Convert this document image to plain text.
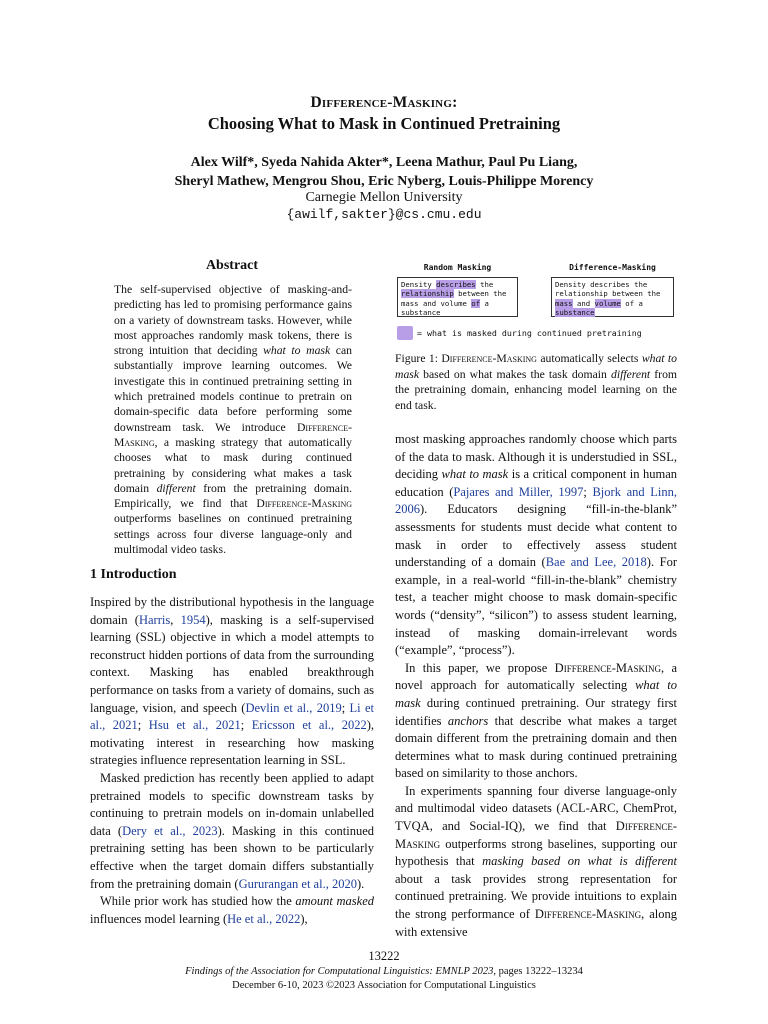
Difference-Masking:
Choosing What to Mask in Continued Pretraining
Alex Wilf*, Syeda Nahida Akter*, Leena Mathur, Paul Pu Liang,
Sheryl Mathew, Mengrou Shou, Eric Nyberg, Louis-Philippe Morency
Carnegie Mellon University
{awilf,sakter}@cs.cmu.edu
Abstract
The self-supervised objective of masking-and-predicting has led to promising performance gains on a variety of downstream tasks. However, while most approaches randomly mask tokens, there is strong intuition that deciding what to mask can substantially improve learning outcomes. We investigate this in continued pretraining setting in which pretrained models continue to pretrain on domain-specific data before performing some downstream task. We introduce Difference-Masking, a masking strategy that automatically chooses what to mask during continued pretraining by considering what makes a task domain different from the pretraining domain. Empirically, we find that Difference-Masking outperforms baselines on continued pretraining settings across four diverse language-only and multimodal video tasks.
Random Masking	Difference-Masking
Density describes the relationship between the mass and volume of a substance
Density describes the relationship between the mass and volume of a substance
= what is masked during continued pretraining
Figure 1: Difference-Masking automatically selects what to mask based on what makes the task domain different from the pretraining domain, enhancing model learning on the end task.
1 Introduction

Inspired by the distributional hypothesis in the language domain (Harris, 1954), masking is a self-supervised learning (SSL) objective in which a model attempts to reconstruct hidden portions of data from the surrounding context. Masking has enabled breakthrough performance on tasks from a variety of domains, such as language, vision, and speech (Devlin et al., 2019; Li et al., 2021; Hsu et al., 2021; Ericsson et al., 2022), motivating interest in researching how masking strategies influence representation learning in SSL.

Masked prediction has recently been applied to adapt pretrained models to specific downstream tasks by continuing to pretrain models on in-domain unlabelled data (Dery et al., 2023). Masking in this continued pretraining setting has been shown to be particularly effective when the target domain differs substantially from the pretraining domain (Gururangan et al., 2020).

While prior work has studied how the amount masked influences model learning (He et al., 2022),

most masking approaches randomly choose which parts of the data to mask. Although it is understudied in SSL, deciding what to mask is a critical component in human education (Pajares and Miller, 1997; Bjork and Linn, 2006). Educators designing “fill-in-the-blank” assessments for students must decide what content to mask in order to effectively assess student understanding of a domain (Bae and Lee, 2018). For example, in a real-world “fill-in-the-blank” chemistry test, a teacher might choose to mask domain-specific words (“density”, “silicon”) to assess student learning, instead of masking domain-irrelevant words (“example”, “process”).

In this paper, we propose Difference-Masking, a novel approach for automatically selecting what to mask during continued pretraining. Our strategy first identifies anchors that describe what makes a target domain different from the pretraining domain and then determines what to mask during continued pretraining based on similarity to those anchors.

In experiments spanning four diverse language-only and multimodal video datasets (ACL-ARC, ChemProt, TVQA, and Social-IQ), we find that Difference-Masking outperforms strong baselines, supporting our hypothesis that masking based on what is different about a task provides strong representation for continued pretraining. We provide intuitions to explain the strong performance of Difference-Masking, along with extensive

13222
Findings of the Association for Computational Linguistics: EMNLP 2023, pages 13222–13234
December 6-10, 2023 ©2023 Association for Computational Linguistics
